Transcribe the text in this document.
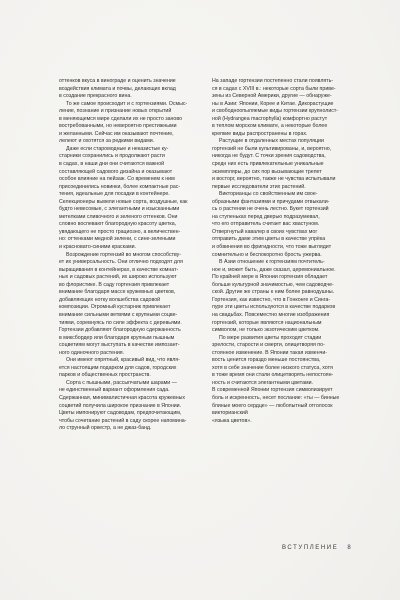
оттенков вкуса в винограде и оценить значение
воздействия климата и почвы, делающих вклад
в создание прекрасного вина.

То же самое происходит и с гортензиями. Осмыс-
ление, познание и признание новых открытий
в меняющемся мире сделали их не просто заново
востребованными, но невероятно престижными
и желанными. Сейчас им оказывают почтение,
лелеют и охотятся за редкими видами.

Даже если старомодные и неказистые ку-
старники сохранились и продолжают расти
в садах, в наши дни они считаются важной
составляющей садового дизайна и оказывают
особое влияние на пейзаж. Со временем к ним
присоединились новинки, более компактные рас-
тения, идеальные для посадки в контейнере.
Селекционеры вывели новые сорта, воздушные, как
будто невесомые, с элегантными и изысканными
метелками сливочного и зеленого оттенков. Они
словно воспевают благородную красоту цветка,
увядающего не просто грациозно, а величествен-
но: оттенками медной зелени, с сине-зелеными
и красновато-синими красками.

Возрождение гортензий во многом способству-
ет их универсальность. Они отлично подходят для
выращивания в контейнерах, в качестве комнат-
ных и садовых растений, их широко используют
во флористике. В саду гортензия привлекает
внимание благодаря массе кружевных цветков,
добавляющих нотку волшебства садовой
композиции. Огромный кустарник привлекает
внимание сильными ветвями с крупными соцве-
тиями, соревнуясь по силе эффекта с деревьями.
Гортензии добавляют благородную сдержанность
в миксбордер или благодаря крупным пышным
соцветиям могут выступать в качестве импозант-
ного одиночного растения.

Они имеют опрятный, красивый вид, что явля-
ется настоящим подарком для садов, городских
парков и общественных пространств.

Сорта с пышными, рассыпчатыми шарами —
не единственный вариант оформления сада.
Сдержанная, минималистичная красота кружевных
соцветий получила широкое признание в Японии.
Цветы импонируют садоводам, предпочитающим,
чтобы сочетание растений в саду скорее напомина-
ло струнный оркестр, а не джаз-банд.

На западе гортензии постепенно стали появлять-
ся в садах с XVIII в.: некоторые сорта были приве-
зены из Северной Америки, другие — обнаруже-
ны в Азии: Японии, Корее и Китае. Дикорастущие
и свободноопыляемые виды гортензии крупнолист-
ной (Hydrangea macrophylla) комфортно растут
в теплом морском климате, а некоторые более
крепкие виды распространены в горах.

Растущие в отдаленных местах популяции
гортензий не были культивированы, и, вероятно,
никогда не будут. С точки зрения садоводства,
средн них есть привлекательные уникальные
экземпляры, до сих пор вызывающие трепет
и восторг, вероятно, также не чувства испытывали
первые исследователи этих растений.

Викторианцы со свойственным им свое-
образными фантазиями и причудами отвыкали-
сь о растении не очень лестно. Букет гортензий
на ступеньках перед дверью подразумевал,
что его отправитель считает вас хвастуном.
Отвергнутый кавалер в своих чувствах мог
отправить даме этим цветы в качестве упрёка
и обвинения во фригидности, что тоже выглядит
сомнительно и беспокоротно брость ужерва.

В Азии отношение к гортензиям почтитель-
ное и, может быть, даже сказал, церемониальное.
По крайней мере в Японии гортензия обладает
больше культурной значимостью, чем садоводче-
ской. Другие же страны к ним более равнодушны.
Гортензия, как известно, что в Гонконге и Синга-
пуре эти цветы используются в качестве подарков
на свадьбах. Повсеместно многие изображения
гортензий, которые являются национальным
символом, не только экзотическим цветком.

По мере развития цветы проходят стадии
зрелости, старости и смерти, олицетворяя по-
стоянное изменение. В Японии такая изменчи-
вость ценится гораздо меньше постоянства,
хотя в себе значение более низкого статуса, хотя
в тоже время они стали олицетворять непостоян-
ность и считаются элегантными цветами.
В современной Японии гортензия символизирует
боль и искренность, несет послание: «ты — бинные
блиные моего сердце» — любопытный отголосок викторианский
«языка цветов».

ВСТУПЛЕНИЕ 8
